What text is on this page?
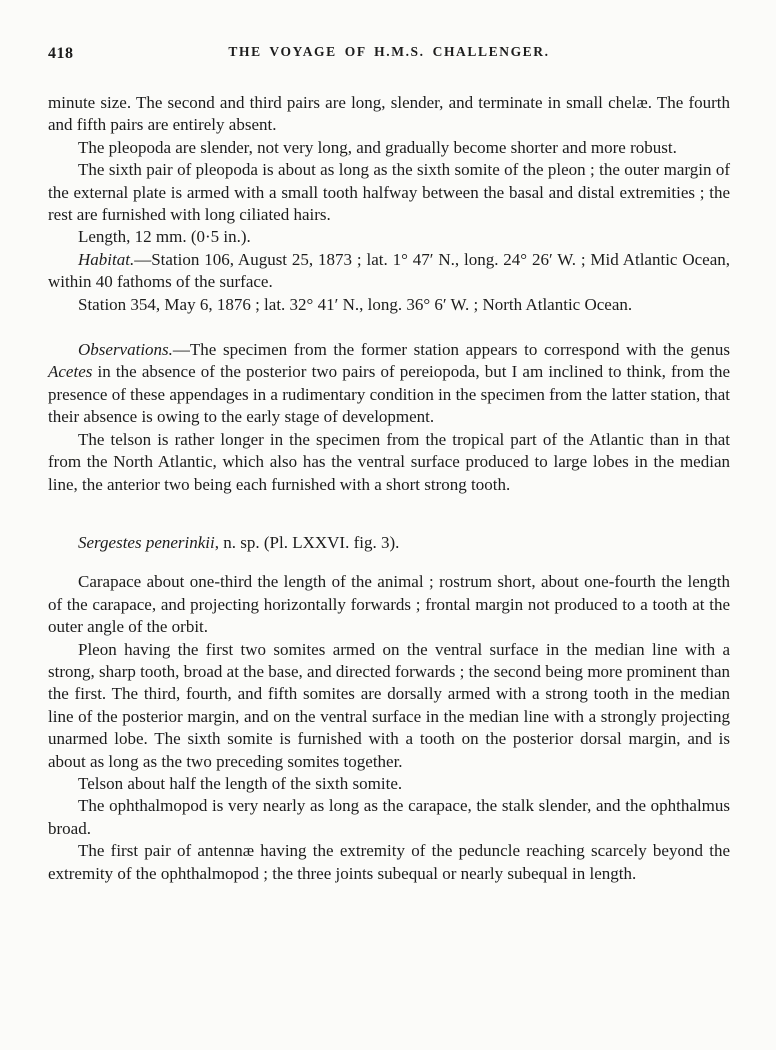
418	THE VOYAGE OF H.M.S. CHALLENGER.

minute size. The second and third pairs are long, slender, and terminate in small chelæ. The fourth and fifth pairs are entirely absent.

The pleopoda are slender, not very long, and gradually become shorter and more robust.

The sixth pair of pleopoda is about as long as the sixth somite of the pleon ; the outer margin of the external plate is armed with a small tooth halfway between the basal and distal extremities ; the rest are furnished with long ciliated hairs.

Length, 12 mm. (0·5 in.).

Habitat.—Station 106, August 25, 1873 ; lat. 1° 47′ N., long. 24° 26′ W. ; Mid Atlantic Ocean, within 40 fathoms of the surface.

Station 354, May 6, 1876 ; lat. 32° 41′ N., long. 36° 6′ W. ; North Atlantic Ocean.

Observations.—The specimen from the former station appears to correspond with the genus Acetes in the absence of the posterior two pairs of pereiopoda, but I am inclined to think, from the presence of these appendages in a rudimentary condition in the specimen from the latter station, that their absence is owing to the early stage of development.

The telson is rather longer in the specimen from the tropical part of the Atlantic than in that from the North Atlantic, which also has the ventral surface produced to large lobes in the median line, the anterior two being each furnished with a short strong tooth.

Sergestes penerinkii, n. sp. (Pl. LXXVI. fig. 3).

Carapace about one-third the length of the animal ; rostrum short, about one-fourth the length of the carapace, and projecting horizontally forwards ; frontal margin not produced to a tooth at the outer angle of the orbit.

Pleon having the first two somites armed on the ventral surface in the median line with a strong, sharp tooth, broad at the base, and directed forwards ; the second being more prominent than the first. The third, fourth, and fifth somites are dorsally armed with a strong tooth in the median line of the posterior margin, and on the ventral surface in the median line with a strongly projecting unarmed lobe. The sixth somite is furnished with a tooth on the posterior dorsal margin, and is about as long as the two preceding somites together.

Telson about half the length of the sixth somite.

The ophthalmopod is very nearly as long as the carapace, the stalk slender, and the ophthalmus broad.

The first pair of antennæ having the extremity of the peduncle reaching scarcely beyond the extremity of the ophthalmopod ; the three joints subequal or nearly subequal in length.
